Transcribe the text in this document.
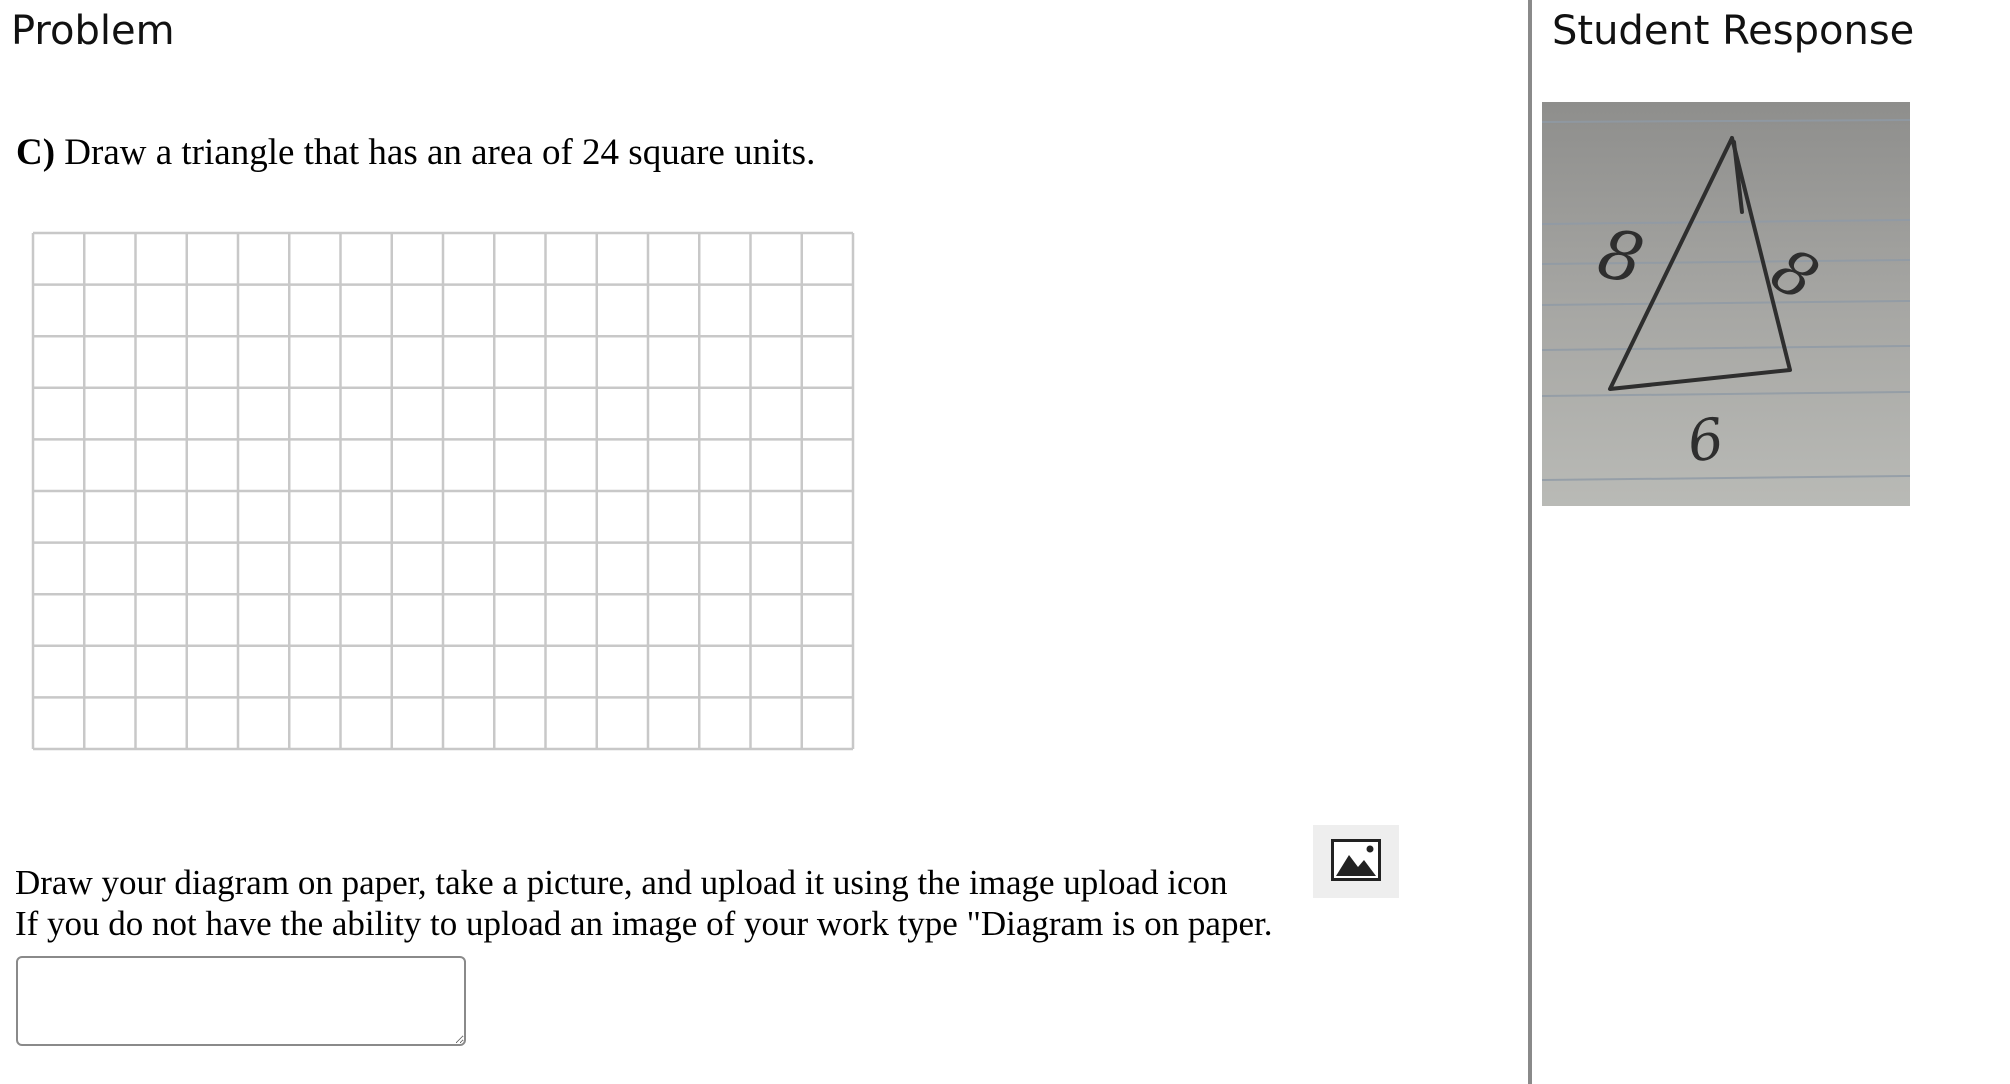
Problem	Student Response
C) Draw a triangle that has an area of 24 square units.
Draw your diagram on paper, take a picture, and upload it using the image upload icon
If you do not have the ability to upload an image of your work type "Diagram is on paper.
8 8
6
